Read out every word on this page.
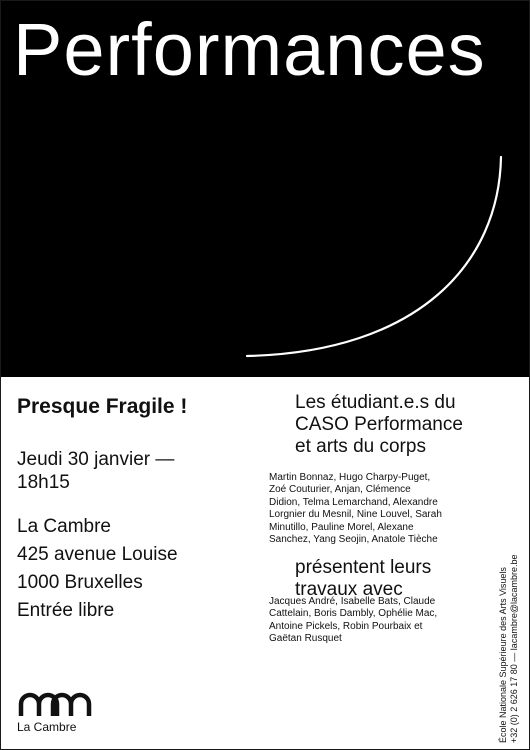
Performances

Presque Fragile !

Jeudi 30 janvier —
18h15
La Cambre
425 avenue Louise
1000 Bruxelles
Entrée libre
Les étudiant.e.s du
CASO Performance
et arts du corps
Martin Bonnaz, Hugo Charpy-Puget,
Zoé Couturier, Anjan, Clémence
Didion, Telma Lemarchand, Alexandre
Lorgnier du Mesnil, Nine Louvel, Sarah
Minutillo, Pauline Morel, Alexane
Sanchez, Yang Seojin, Anatole Tièche
présentent leurs
travaux avec
Jacques André, Isabelle Bats, Claude
Cattelain, Boris Dambly, Ophélie Mac,
Antoine Pickels, Robin Pourbaix et
Gaëtan Rusquet

La Cambre	École Nationale Supérieure des Arts Visuels +32 (0) 2 626 17 80 — lacambre@lacambre.be
